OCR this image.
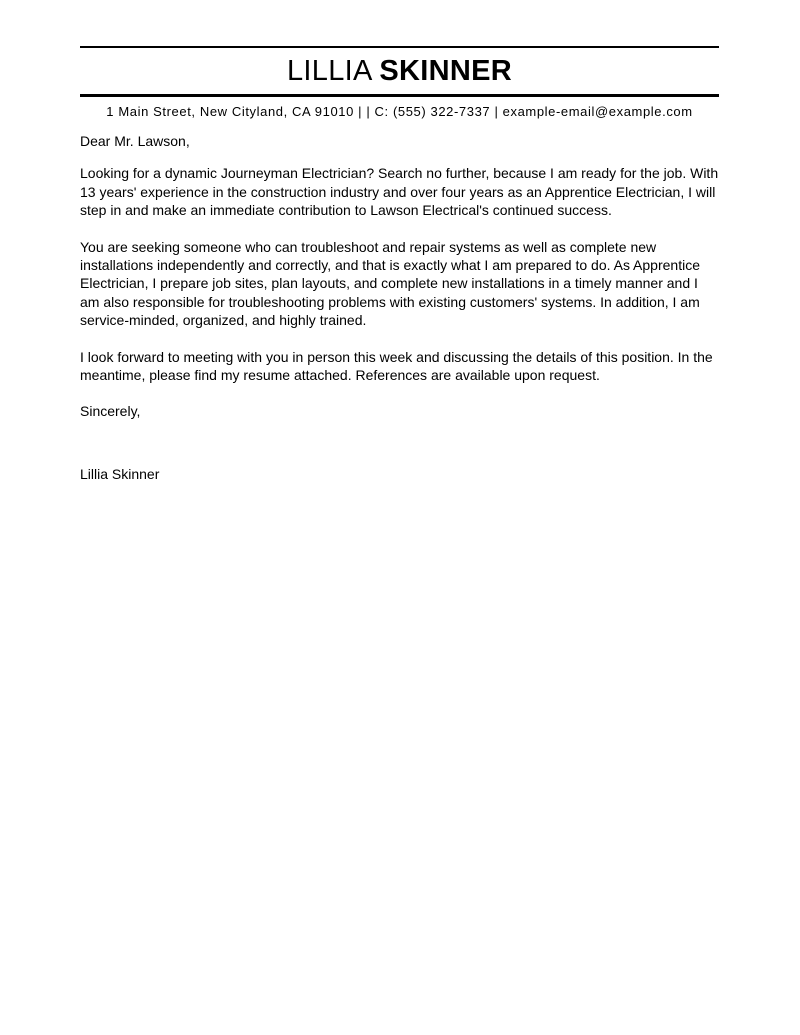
LILLIA SKINNER
1 Main Street, New Cityland, CA 91010 | | C: (555) 322-7337 | example-email@example.com

Dear Mr. Lawson,

Looking for a dynamic Journeyman Electrician? Search no further, because I am ready for the job. With 13 years' experience in the construction industry and over four years as an Apprentice Electrician, I will step in and make an immediate contribution to Lawson Electrical's continued success.

You are seeking someone who can troubleshoot and repair systems as well as complete new installations independently and correctly, and that is exactly what I am prepared to do. As Apprentice Electrician, I prepare job sites, plan layouts, and complete new installations in a timely manner and I am also responsible for troubleshooting problems with existing customers' systems. In addition, I am service-minded, organized, and highly trained.

I look forward to meeting with you in person this week and discussing the details of this position. In the meantime, please find my resume attached. References are available upon request.

Sincerely,

Lillia Skinner
